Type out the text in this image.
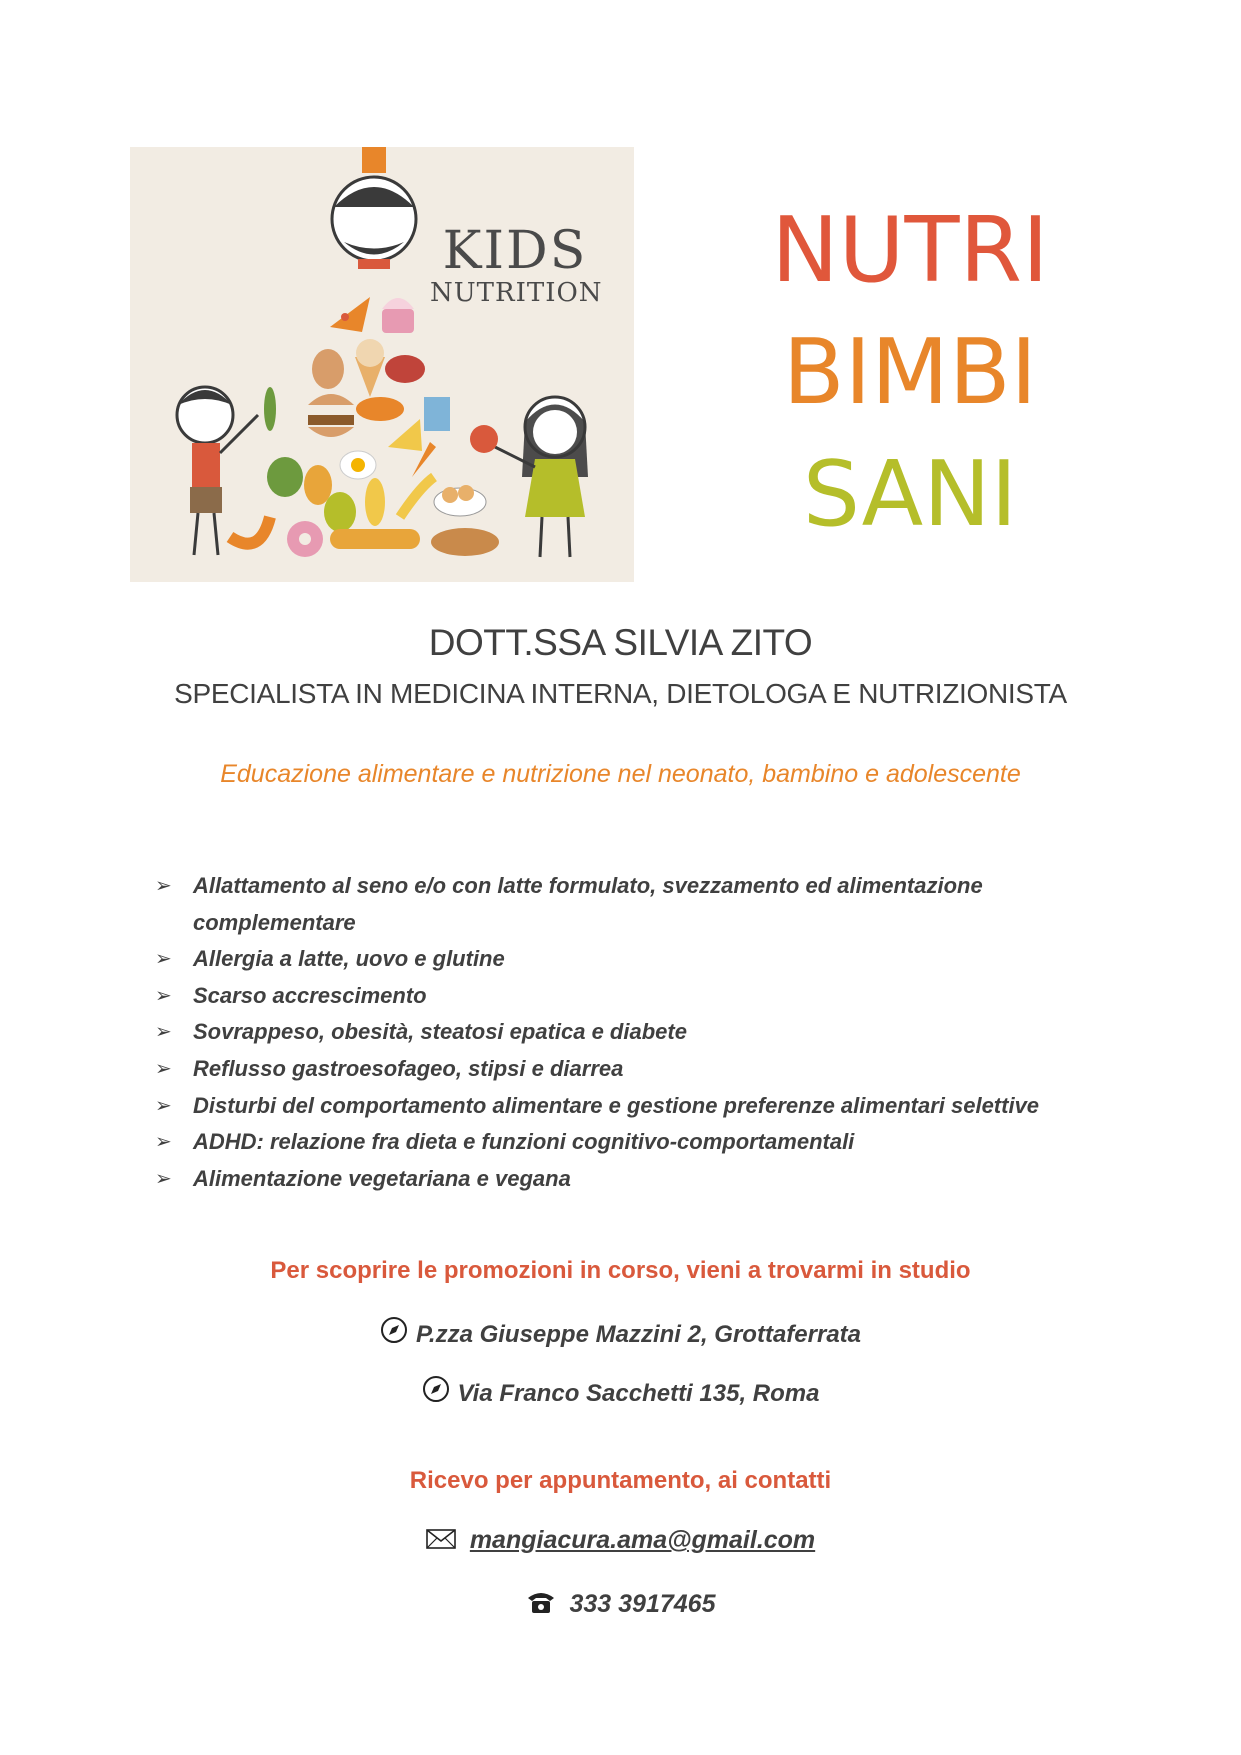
KIDS
NUTRITION	NUTRI
BIMBI
SANI
DOTT.SSA SILVIA ZITO
SPECIALISTA IN MEDICINA INTERNA, DIETOLOGA E NUTRIZIONISTA
Educazione alimentare e nutrizione nel neonato, bambino e adolescente
➢ Allattamento al seno e/o con latte formulato, svezzamento ed alimentazione complementare
➢ Allergia a latte, uovo e glutine
➢ Scarso accrescimento
➢ Sovrappeso, obesità, steatosi epatica e diabete
➢ Reflusso gastroesofageo, stipsi e diarrea
➢ Disturbi del comportamento alimentare e gestione preferenze alimentari selettive
➢ ADHD: relazione fra dieta e funzioni cognitivo-comportamentali
➢ Alimentazione vegetariana e vegana
Per scoprire le promozioni in corso, vieni a trovarmi in studio
P.zza Giuseppe Mazzini 2, Grottaferrata
Via Franco Sacchetti 135, Roma
Ricevo per appuntamento, ai contatti
mangiacura.ama@gmail.com
333 3917465
